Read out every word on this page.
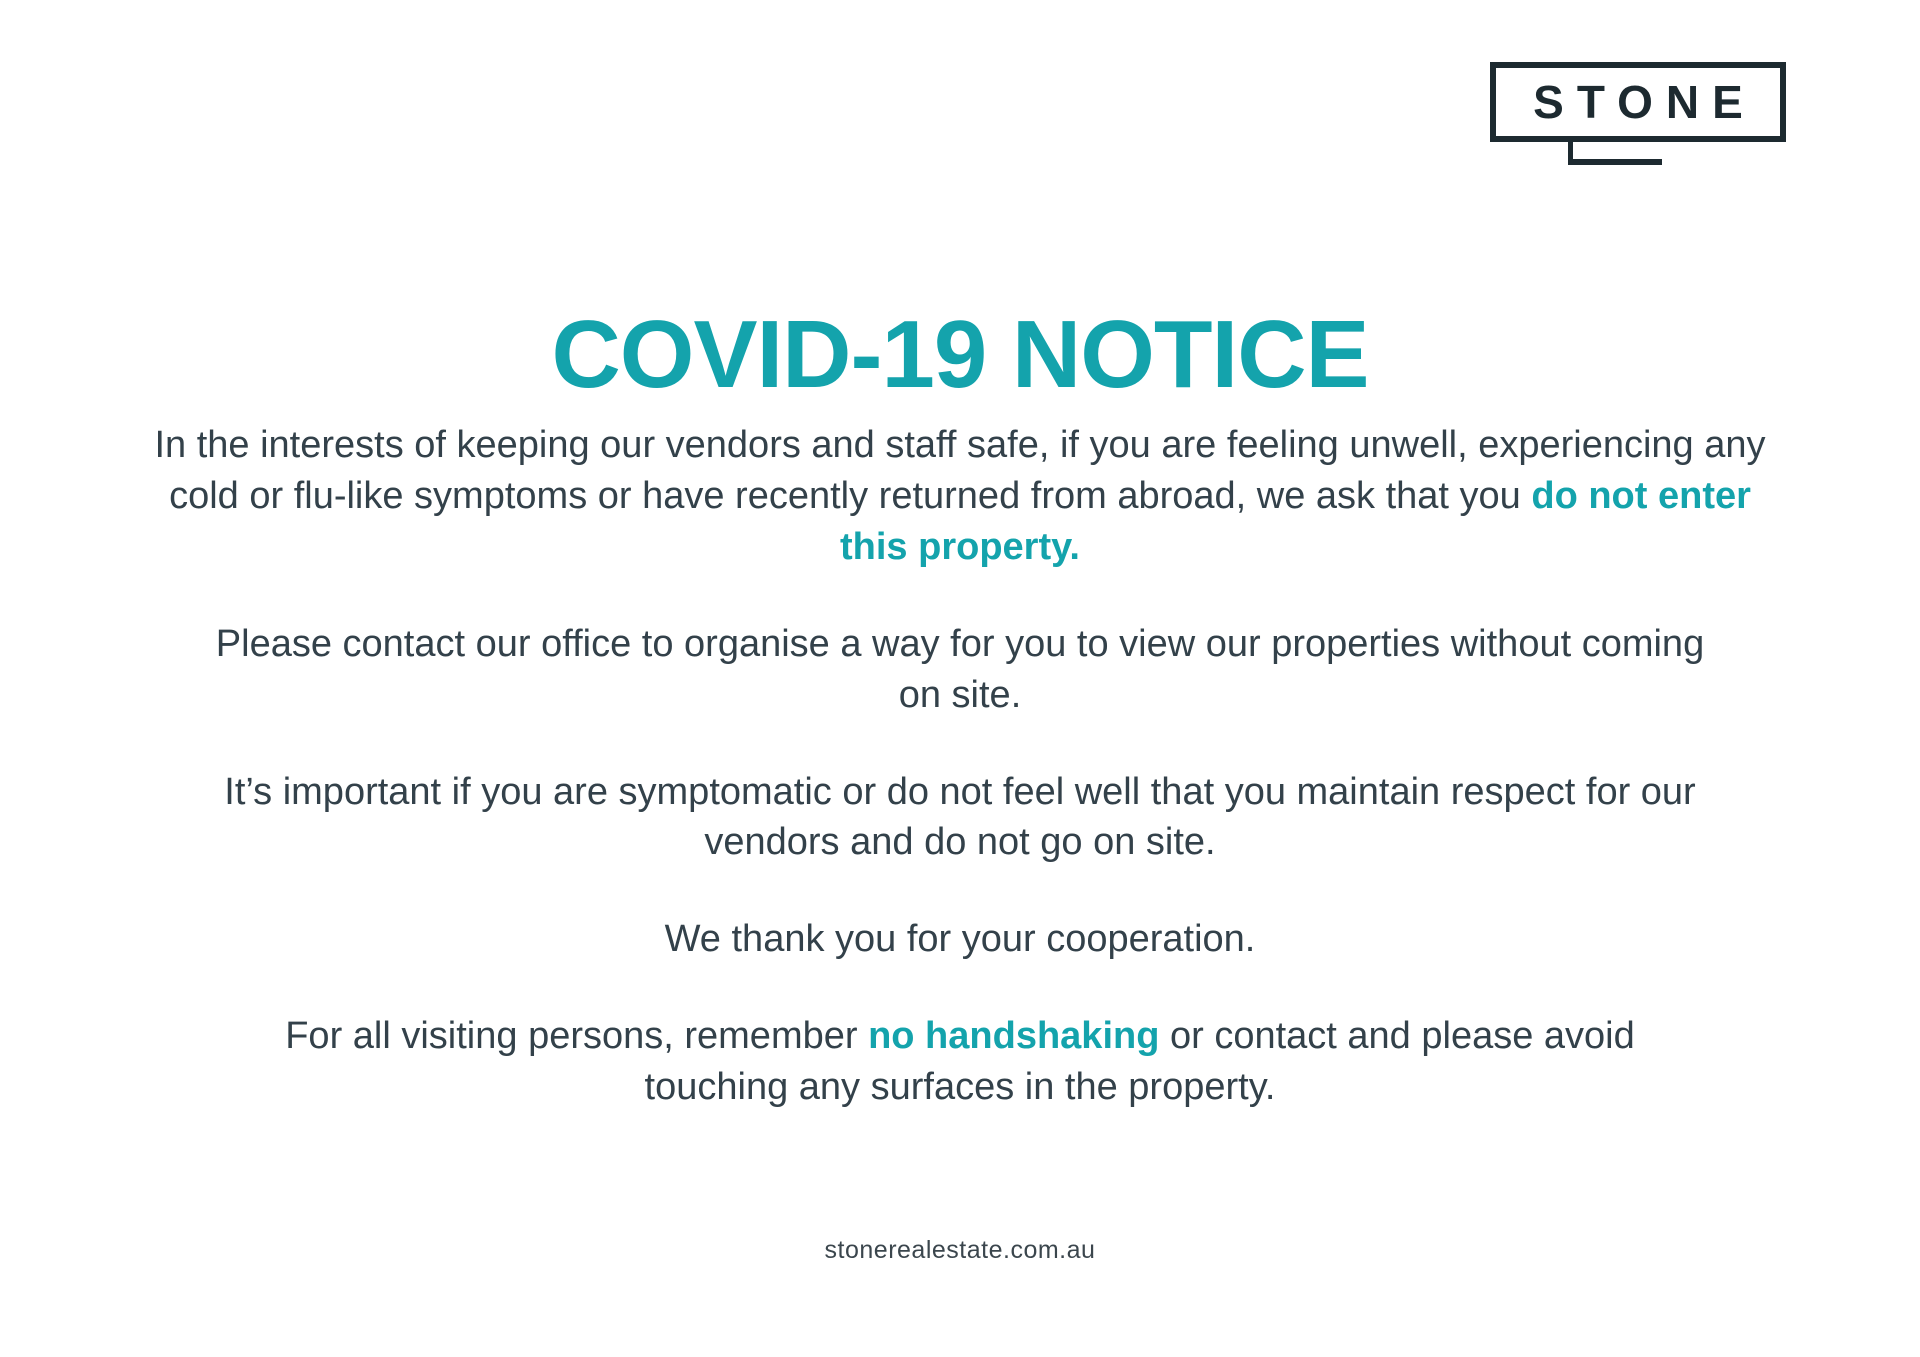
STONE
COVID-19 NOTICE

In the interests of keeping our vendors and staff safe, if you are feeling unwell, experiencing any cold or flu-like symptoms or have recently returned from abroad, we ask that you do not enter this property.

Please contact our office to organise a way for you to view our properties without coming on site.

It’s important if you are symptomatic or do not feel well that you maintain respect for our vendors and do not go on site.

We thank you for your cooperation.

For all visiting persons, remember no handshaking or contact and please avoid touching any surfaces in the property.

stonerealestate.com.au
